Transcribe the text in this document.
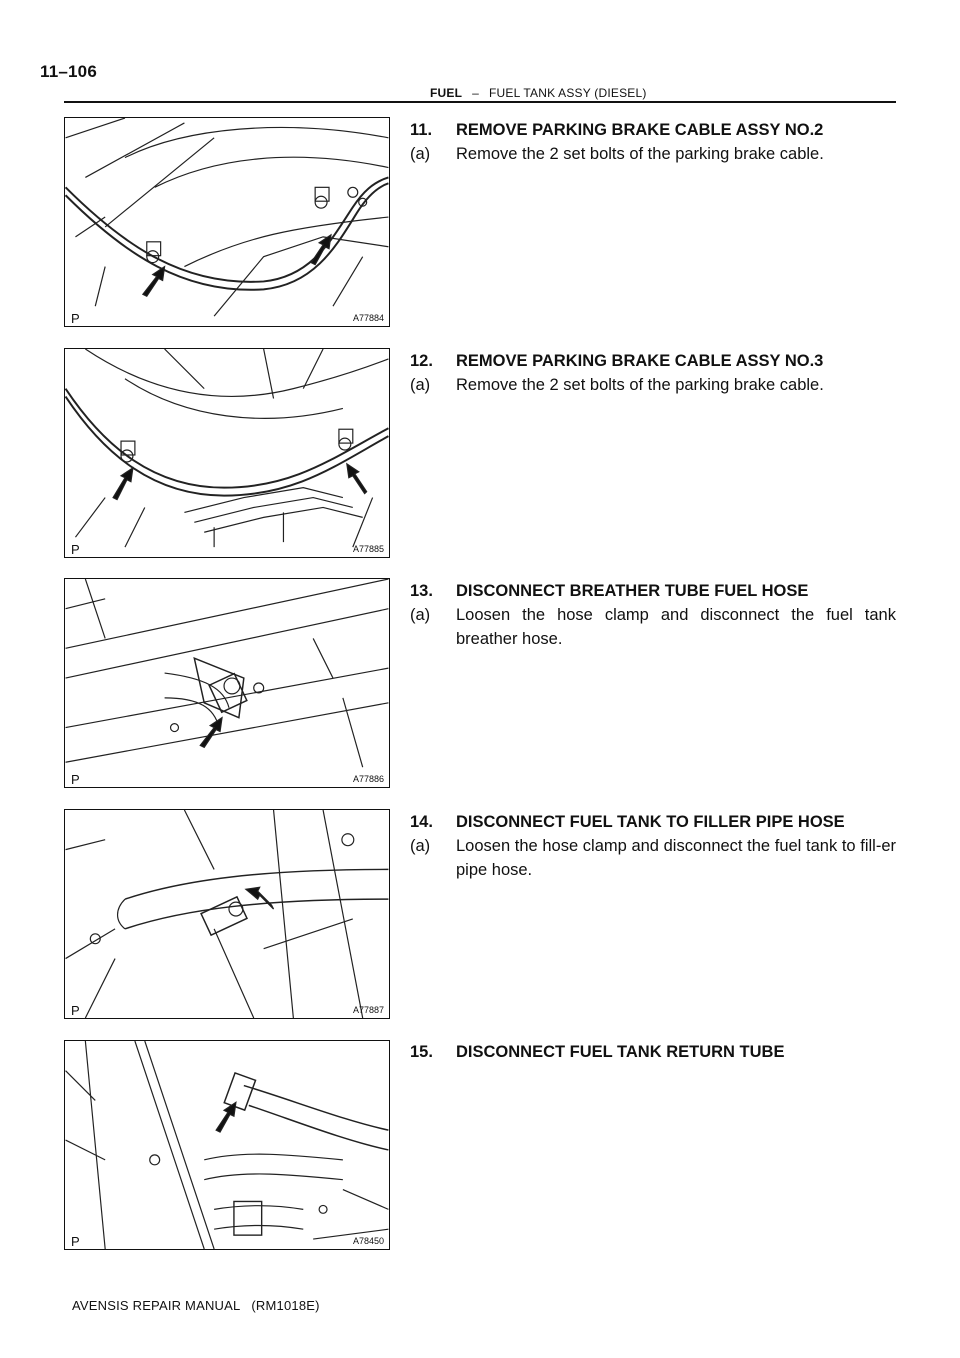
11–106
FUEL – FUEL TANK ASSY (DIESEL)
P	A77884
P	A77885
P	A77886
P	A77887
P	A78450
11. REMOVE PARKING BRAKE CABLE ASSY NO.2
(a) Remove the 2 set bolts of the parking brake cable.
12. REMOVE PARKING BRAKE CABLE ASSY NO.3
(a) Remove the 2 set bolts of the parking brake cable.
13. DISCONNECT BREATHER TUBE FUEL HOSE
(a) Loosen the hose clamp and disconnect the fuel tank breather hose.
14. DISCONNECT FUEL TANK TO FILLER PIPE HOSE
(a) Loosen the hose clamp and disconnect the fuel tank to fill-er pipe hose.
15. DISCONNECT FUEL TANK RETURN TUBE
AVENSIS REPAIR MANUAL   (RM1018E)
